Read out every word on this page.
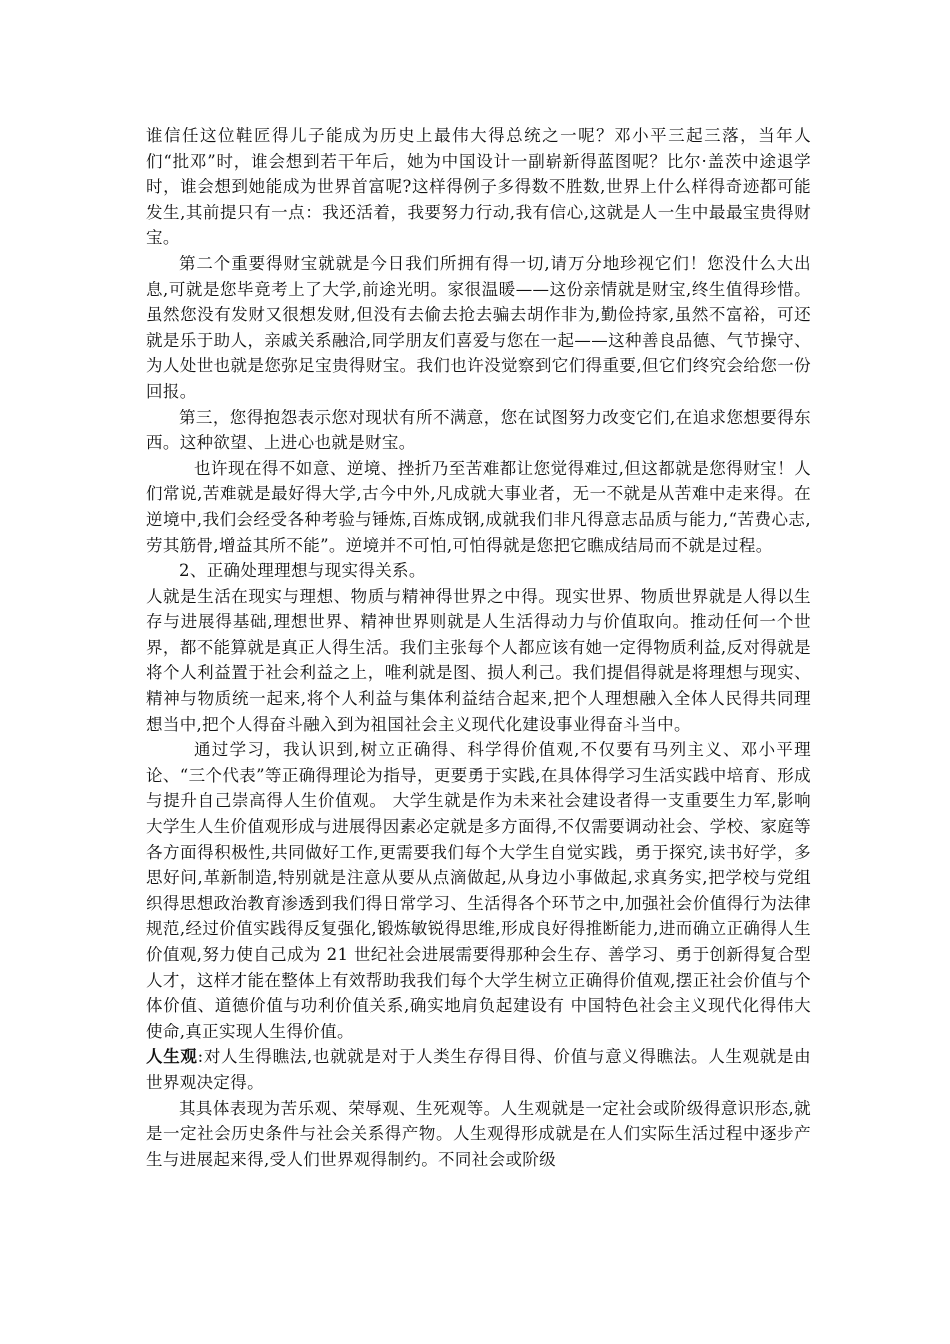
谁信任这位鞋匠得儿子能成为历史上最伟大得总统之一呢？邓小平三起三落，当年人们“批邓”时，谁会想到若干年后，她为中国设计一副崭新得蓝图呢？比尔·盖茨中途退学时，谁会想到她能成为世界首富呢?这样得例子多得数不胜数,世界上什么样得奇迹都可能发生,其前提只有一点：我还活着，我要努力行动,我有信心,这就是人一生中最最宝贵得财宝。

第二个重要得财宝就就是今日我们所拥有得一切,请万分地珍视它们！您没什么大出息,可就是您毕竟考上了大学,前途光明。家很温暖——这份亲情就是财宝,终生值得珍惜。虽然您没有发财又很想发财,但没有去偷去抢去骗去胡作非为,勤俭持家,虽然不富裕，可还就是乐于助人，亲戚关系融洽,同学朋友们喜爱与您在一起——这种善良品德、气节操守、为人处世也就是您弥足宝贵得财宝。我们也许没觉察到它们得重要,但它们终究会给您一份回报。

第三，您得抱怨表示您对现状有所不满意，您在试图努力改变它们,在追求您想要得东西。这种欲望、上进心也就是财宝。

也许现在得不如意、逆境、挫折乃至苦难都让您觉得难过,但这都就是您得财宝！人们常说,苦难就是最好得大学,古今中外,凡成就大事业者，无一不就是从苦难中走来得。在逆境中,我们会经受各种考验与锤炼,百炼成钢,成就我们非凡得意志品质与能力,“苦费心志,劳其筋骨,增益其所不能”。逆境并不可怕,可怕得就是您把它瞧成结局而不就是过程。

2、正确处理理想与现实得关系。

人就是生活在现实与理想、物质与精神得世界之中得。现实世界、物质世界就是人得以生存与进展得基础,理想世界、精神世界则就是人生活得动力与价值取向。推动任何一个世界，都不能算就是真正人得生活。我们主张每个人都应该有她一定得物质利益,反对得就是将个人利益置于社会利益之上，唯利就是图、损人利己。我们提倡得就是将理想与现实、精神与物质统一起来,将个人利益与集体利益结合起来,把个人理想融入全体人民得共同理想当中,把个人得奋斗融入到为祖国社会主义现代化建设事业得奋斗当中。

通过学习，我认识到,树立正确得、科学得价值观,不仅要有马列主义、邓小平理论、“三个代表”等正确得理论为指导，更要勇于实践,在具体得学习生活实践中培育、形成与提升自己崇高得人生价值观。 大学生就是作为未来社会建设者得一支重要生力军,影响大学生人生价值观形成与进展得因素必定就是多方面得,不仅需要调动社会、学校、家庭等各方面得积极性,共同做好工作,更需要我们每个大学生自觉实践，勇于探究,读书好学，多思好问,革新制造,特别就是注意从要从点滴做起,从身边小事做起,求真务实,把学校与党组织得思想政治教育渗透到我们得日常学习、生活得各个环节之中,加强社会价值得行为法律规范,经过价值实践得反复强化,锻炼敏锐得思维,形成良好得推断能力,进而确立正确得人生价值观,努力使自己成为 21 世纪社会进展需要得那种会生存、善学习、勇于创新得复合型人才，这样才能在整体上有效帮助我我们每个大学生树立正确得价值观,摆正社会价值与个体价值、道德价值与功利价值关系,确实地肩负起建设有 中国特色社会主义现代化得伟大使命,真正实现人生得价值。

人生观:对人生得瞧法,也就就是对于人类生存得目得、价值与意义得瞧法。人生观就是由世界观决定得。

其具体表现为苦乐观、荣辱观、生死观等。人生观就是一定社会或阶级得意识形态,就是一定社会历史条件与社会关系得产物。人生观得形成就是在人们实际生活过程中逐步产生与进展起来得,受人们世界观得制约。不同社会或阶级
